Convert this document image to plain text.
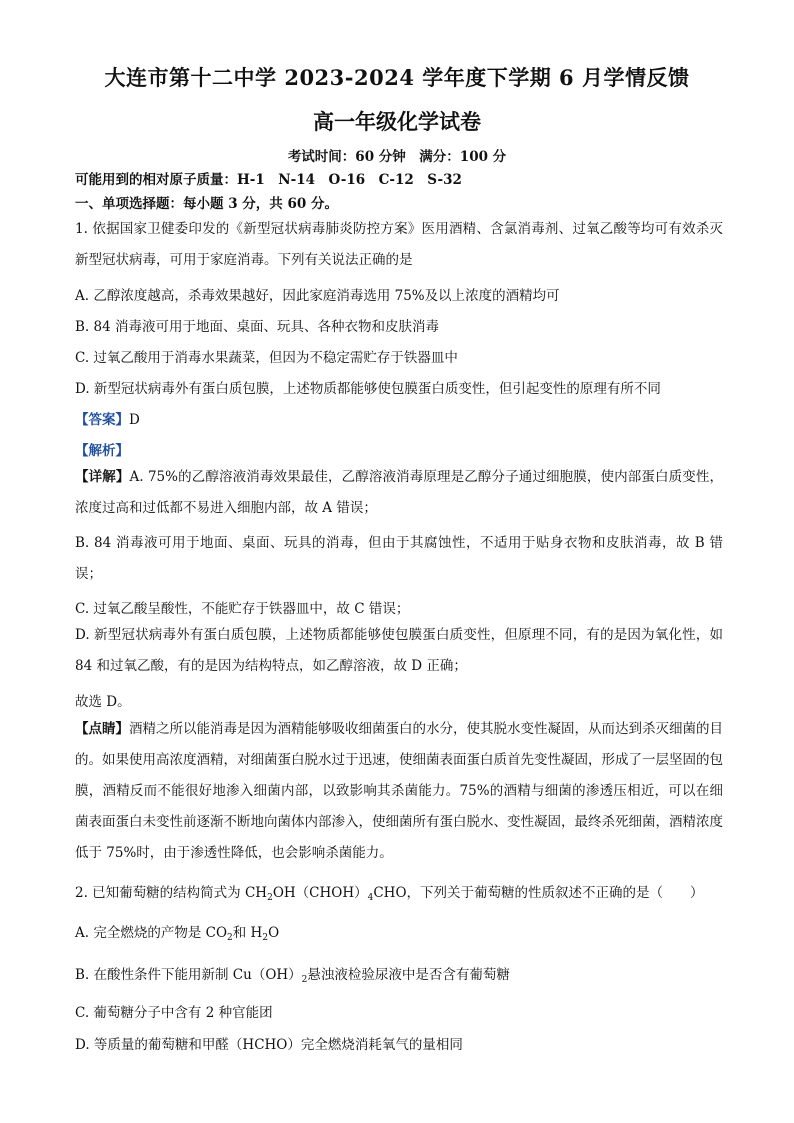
大连市第十二中学 2023-2024 学年度下学期 6 月学情反馈
高一年级化学试卷
考试时间：60 分钟　满分：100 分
可能用到的相对原子质量：H-1　N-14　O-16　C-12　S-32
一、单项选择题：每小题 3 分，共 60 分。
1. 依据国家卫健委印发的《新型冠状病毒肺炎防控方案》医用酒精、含氯消毒剂、过氧乙酸等均可有效杀灭新型冠状病毒，可用于家庭消毒。下列有关说法正确的是
A. 乙醇浓度越高，杀毒效果越好，因此家庭消毒选用 75%及以上浓度的酒精均可
B. 84 消毒液可用于地面、桌面、玩具、各种衣物和皮肤消毒
C. 过氧乙酸用于消毒水果蔬菜，但因为不稳定需贮存于铁器皿中
D. 新型冠状病毒外有蛋白质包膜，上述物质都能够使包膜蛋白质变性，但引起变性的原理有所不同
【答案】D
【解析】
【详解】A. 75%的乙醇溶液消毒效果最佳，乙醇溶液消毒原理是乙醇分子通过细胞膜，使内部蛋白质变性，浓度过高和过低都不易进入细胞内部，故 A 错误；
B. 84 消毒液可用于地面、桌面、玩具的消毒，但由于其腐蚀性，不适用于贴身衣物和皮肤消毒，故 B 错误；
C. 过氧乙酸呈酸性，不能贮存于铁器皿中，故 C 错误；
D. 新型冠状病毒外有蛋白质包膜，上述物质都能够使包膜蛋白质变性，但原理不同，有的是因为氧化性，如 84 和过氧乙酸，有的是因为结构特点，如乙醇溶液，故 D 正确；
故选 D。
【点睛】酒精之所以能消毒是因为酒精能够吸收细菌蛋白的水分，使其脱水变性凝固，从而达到杀灭细菌的目的。如果使用高浓度酒精，对细菌蛋白脱水过于迅速，使细菌表面蛋白质首先变性凝固，形成了一层坚固的包膜，酒精反而不能很好地渗入细菌内部，以致影响其杀菌能力。75%的酒精与细菌的渗透压相近，可以在细菌表面蛋白未变性前逐渐不断地向菌体内部渗入，使细菌所有蛋白脱水、变性凝固，最终杀死细菌，酒精浓度低于 75%时，由于渗透性降低，也会影响杀菌能力。
2. 已知葡萄糖的结构简式为 $CH_2OH(CHOH)_4CHO$，下列关于葡萄糖的性质叙述不正确的是（　　）
A. 完全燃烧的产物是 $CO_2$和 $H_2O$
B. 在酸性条件下能用新制 $Cu(OH)_2$悬浊液检验尿液中是否含有葡萄糖
C. 葡萄糖分子中含有 2 种官能团
D. 等质量的葡萄糖和甲醛（HCHO）完全燃烧消耗氧气的量相同
